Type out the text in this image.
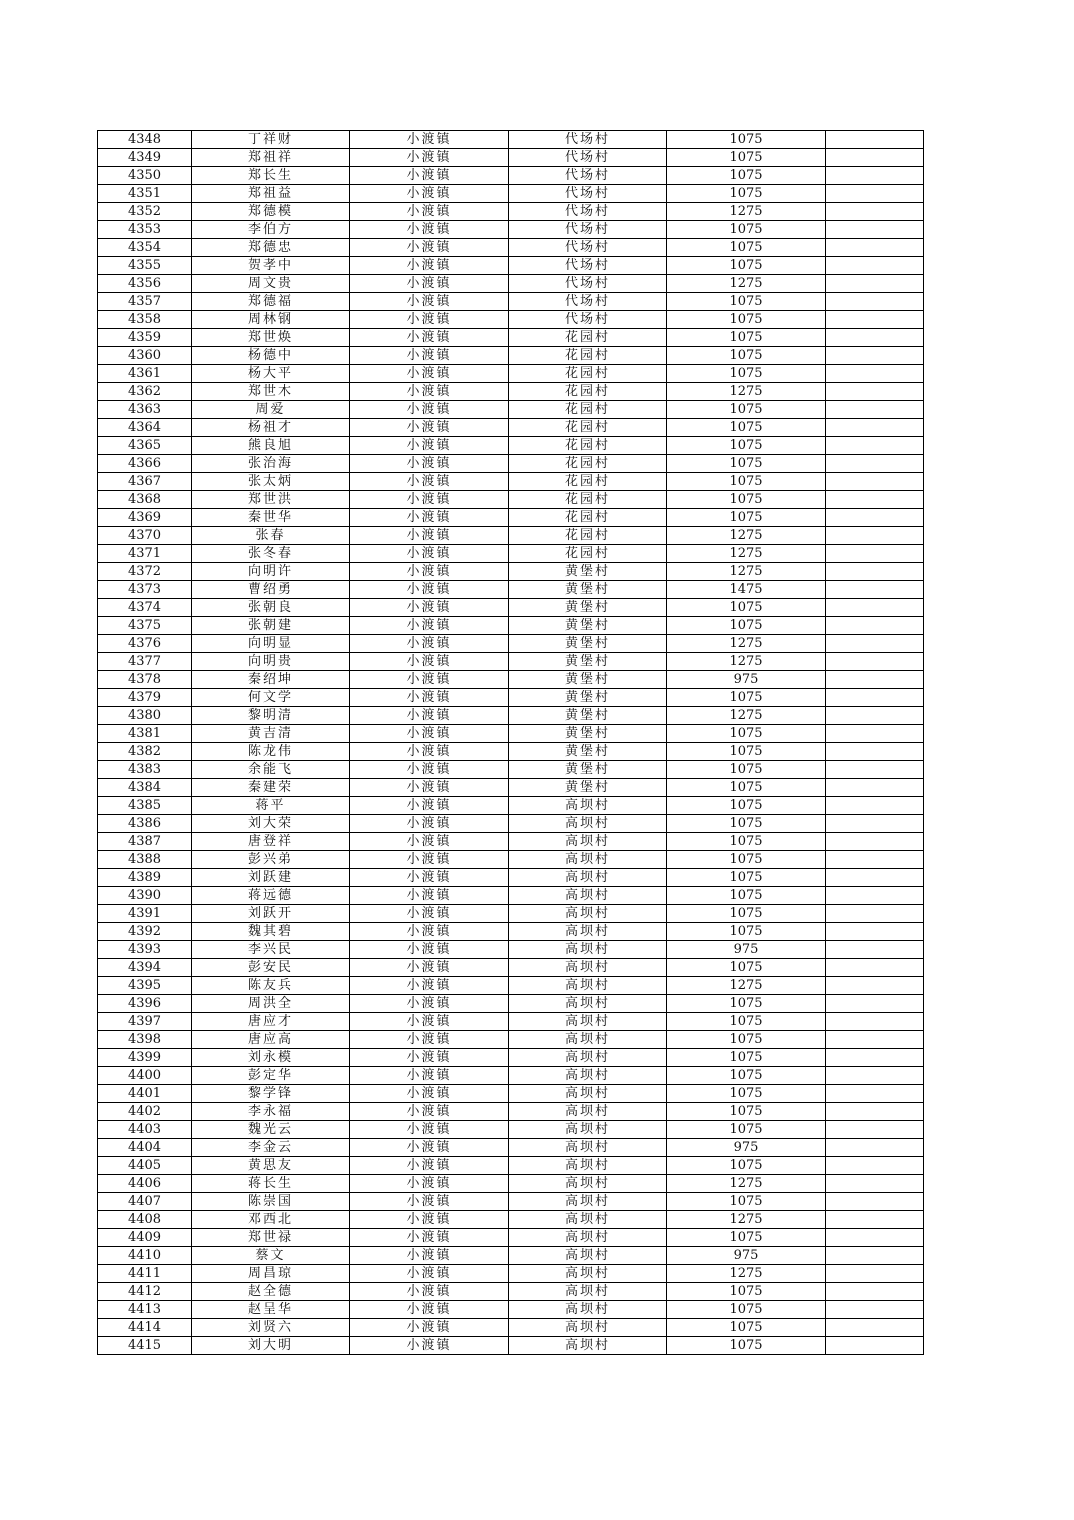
4348	丁祥财	小渡镇	代场村	1075	
4349	郑祖祥	小渡镇	代场村	1075	
4350	郑长生	小渡镇	代场村	1075	
4351	郑祖益	小渡镇	代场村	1075	
4352	郑德模	小渡镇	代场村	1275	
4353	李伯方	小渡镇	代场村	1075	
4354	郑德忠	小渡镇	代场村	1075	
4355	贺孝中	小渡镇	代场村	1075	
4356	周文贵	小渡镇	代场村	1275	
4357	郑德福	小渡镇	代场村	1075	
4358	周林钢	小渡镇	代场村	1075	
4359	郑世焕	小渡镇	花园村	1075	
4360	杨德中	小渡镇	花园村	1075	
4361	杨大平	小渡镇	花园村	1075	
4362	郑世木	小渡镇	花园村	1275	
4363	周爱	小渡镇	花园村	1075	
4364	杨祖才	小渡镇	花园村	1075	
4365	熊良旭	小渡镇	花园村	1075	
4366	张治海	小渡镇	花园村	1075	
4367	张太炳	小渡镇	花园村	1075	
4368	郑世洪	小渡镇	花园村	1075	
4369	秦世华	小渡镇	花园村	1075	
4370	张春	小渡镇	花园村	1275	
4371	张冬春	小渡镇	花园村	1275	
4372	向明许	小渡镇	黄堡村	1275	
4373	曹绍勇	小渡镇	黄堡村	1475	
4374	张朝良	小渡镇	黄堡村	1075	
4375	张朝建	小渡镇	黄堡村	1075	
4376	向明显	小渡镇	黄堡村	1275	
4377	向明贵	小渡镇	黄堡村	1275	
4378	秦绍坤	小渡镇	黄堡村	975	
4379	何文学	小渡镇	黄堡村	1075	
4380	黎明清	小渡镇	黄堡村	1275	
4381	黄吉清	小渡镇	黄堡村	1075	
4382	陈龙伟	小渡镇	黄堡村	1075	
4383	余能飞	小渡镇	黄堡村	1075	
4384	秦建荣	小渡镇	黄堡村	1075	
4385	蒋平	小渡镇	高坝村	1075	
4386	刘大荣	小渡镇	高坝村	1075	
4387	唐登祥	小渡镇	高坝村	1075	
4388	彭兴弟	小渡镇	高坝村	1075	
4389	刘跃建	小渡镇	高坝村	1075	
4390	蒋远德	小渡镇	高坝村	1075	
4391	刘跃开	小渡镇	高坝村	1075	
4392	魏其碧	小渡镇	高坝村	1075	
4393	李兴民	小渡镇	高坝村	975	
4394	彭安民	小渡镇	高坝村	1075	
4395	陈友兵	小渡镇	高坝村	1275	
4396	周洪全	小渡镇	高坝村	1075	
4397	唐应才	小渡镇	高坝村	1075	
4398	唐应高	小渡镇	高坝村	1075	
4399	刘永模	小渡镇	高坝村	1075	
4400	彭定华	小渡镇	高坝村	1075	
4401	黎学锋	小渡镇	高坝村	1075	
4402	李永福	小渡镇	高坝村	1075	
4403	魏光云	小渡镇	高坝村	1075	
4404	李金云	小渡镇	高坝村	975	
4405	黄思友	小渡镇	高坝村	1075	
4406	蒋长生	小渡镇	高坝村	1275	
4407	陈崇国	小渡镇	高坝村	1075	
4408	邓西北	小渡镇	高坝村	1275	
4409	郑世禄	小渡镇	高坝村	1075	
4410	蔡文	小渡镇	高坝村	975	
4411	周昌琼	小渡镇	高坝村	1275	
4412	赵全德	小渡镇	高坝村	1075	
4413	赵呈华	小渡镇	高坝村	1075	
4414	刘贤六	小渡镇	高坝村	1075	
4415	刘大明	小渡镇	高坝村	1075	
